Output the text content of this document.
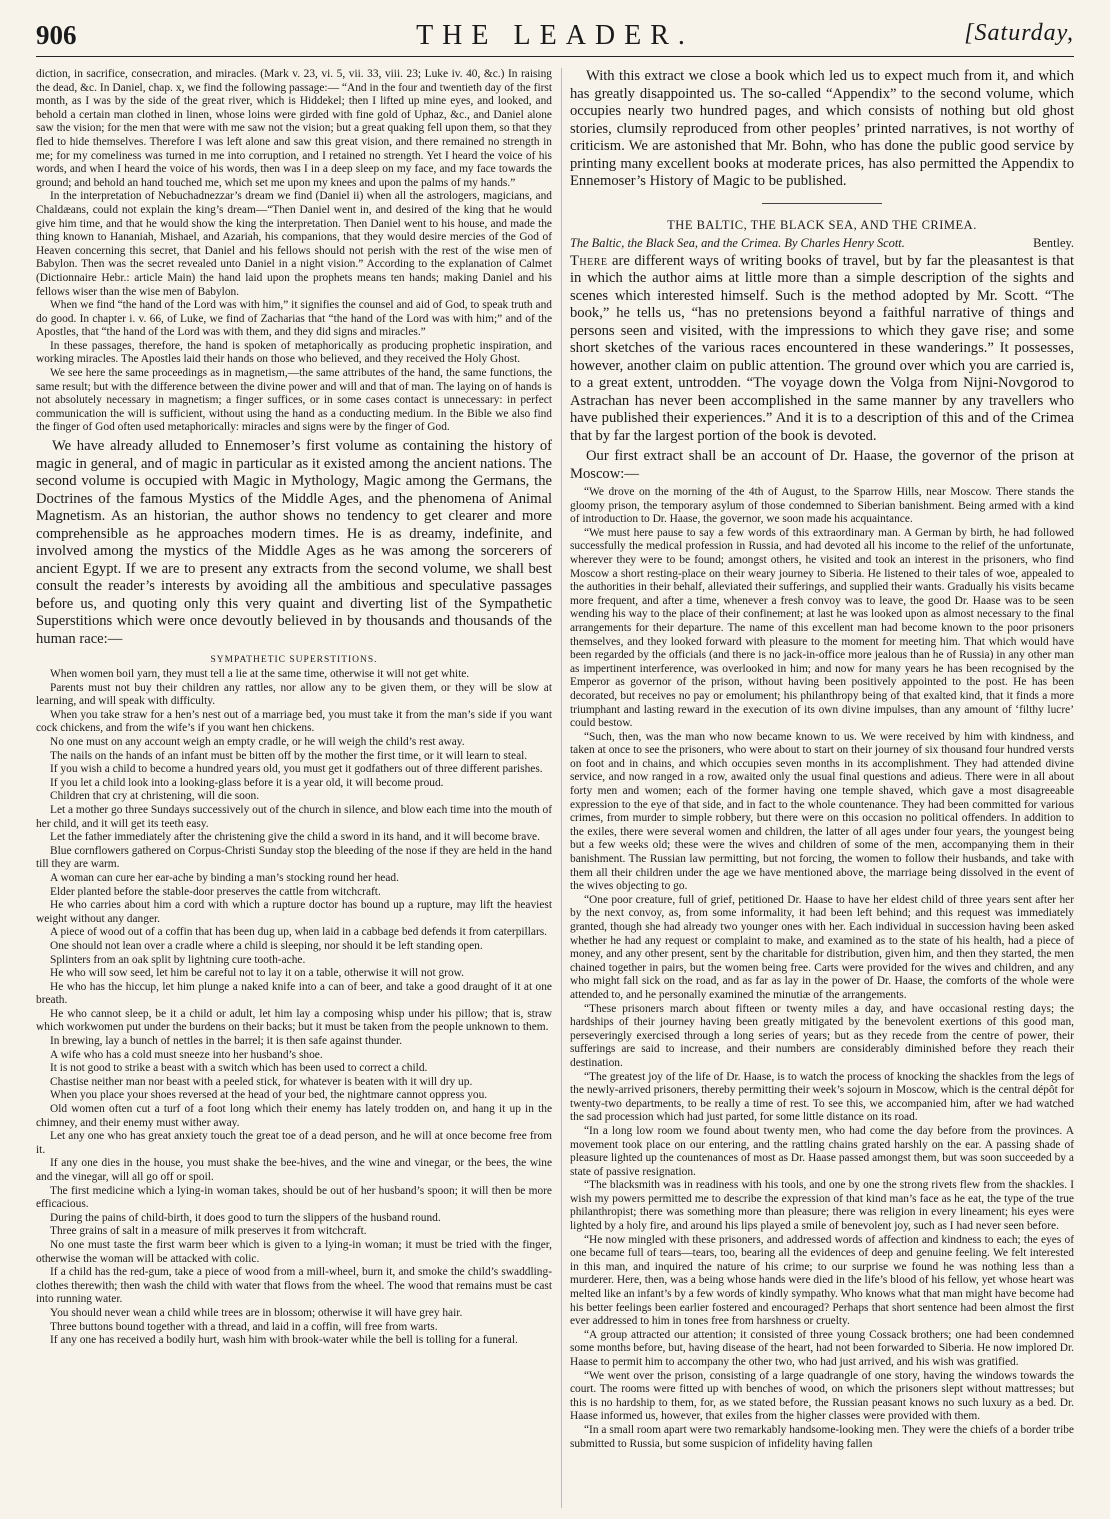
906	THE LEADER.	[Saturday,

diction, in sacrifice, consecration, and miracles. (Mark v. 23, vi. 5, vii. 33, viii. 23; Luke iv. 40, &c.) In raising the dead, &c. In Daniel, chap. x, we find the following passage:— “And in the four and twentieth day of the first month, as I was by the side of the great river, which is Hiddekel; then I lifted up mine eyes, and looked, and behold a certain man clothed in linen, whose loins were girded with fine gold of Uphaz, &c., and Daniel alone saw the vision; for the men that were with me saw not the vision; but a great quaking fell upon them, so that they fled to hide themselves. Therefore I was left alone and saw this great vision, and there remained no strength in me; for my comeliness was turned in me into corruption, and I retained no strength. Yet I heard the voice of his words, and when I heard the voice of his words, then was I in a deep sleep on my face, and my face towards the ground; and behold an hand touched me, which set me upon my knees and upon the palms of my hands.”

In the interpretation of Nebuchadnezzar’s dream we find (Daniel ii) when all the astrologers, magicians, and Chaldæans, could not explain the king’s dream—“Then Daniel went in, and desired of the king that he would give him time, and that he would show the king the interpretation. Then Daniel went to his house, and made the thing known to Hananiah, Mishael, and Azariah, his companions, that they would desire mercies of the God of Heaven concerning this secret, that Daniel and his fellows should not perish with the rest of the wise men of Babylon. Then was the secret revealed unto Daniel in a night vision.” According to the explanation of Calmet (Dictionnaire Hebr.: article Main) the hand laid upon the prophets means ten hands; making Daniel and his fellows wiser than the wise men of Babylon.

When we find “the hand of the Lord was with him,” it signifies the counsel and aid of God, to speak truth and do good. In chapter i. v. 66, of Luke, we find of Zacharias that “the hand of the Lord was with him;” and of the Apostles, that “the hand of the Lord was with them, and they did signs and miracles.”

In these passages, therefore, the hand is spoken of metaphorically as producing prophetic inspiration, and working miracles. The Apostles laid their hands on those who believed, and they received the Holy Ghost.

We see here the same proceedings as in magnetism,—the same attributes of the hand, the same functions, the same result; but with the difference between the divine power and will and that of man. The laying on of hands is not absolutely necessary in magnetism; a finger suffices, or in some cases contact is unnecessary: in perfect communication the will is sufficient, without using the hand as a conducting medium. In the Bible we also find the finger of God often used metaphorically: miracles and signs were by the finger of God.

We have already alluded to Ennemoser’s first volume as containing the history of magic in general, and of magic in particular as it existed among the ancient nations. The second volume is occupied with Magic in Mythology, Magic among the Germans, the Doctrines of the famous Mystics of the Middle Ages, and the phenomena of Animal Magnetism. As an historian, the author shows no tendency to get clearer and more comprehensible as he approaches modern times. He is as dreamy, indefinite, and involved among the mystics of the Middle Ages as he was among the sorcerers of ancient Egypt. If we are to present any extracts from the second volume, we shall best consult the reader’s interests by avoiding all the ambitious and speculative passages before us, and quoting only this very quaint and diverting list of the Sympathetic Superstitions which were once devoutly believed in by thousands and thousands of the human race:—

SYMPATHETIC SUPERSTITIONS.

When women boil yarn, they must tell a lie at the same time, otherwise it will not get white.

Parents must not buy their children any rattles, nor allow any to be given them, or they will be slow at learning, and will speak with difficulty.

When you take straw for a hen’s nest out of a marriage bed, you must take it from the man’s side if you want cock chickens, and from the wife’s if you want hen chickens.

No one must on any account weigh an empty cradle, or he will weigh the child’s rest away.

The nails on the hands of an infant must be bitten off by the mother the first time, or it will learn to steal.

If you wish a child to become a hundred years old, you must get it godfathers out of three different parishes.

If you let a child look into a looking-glass before it is a year old, it will become proud.

Children that cry at christening, will die soon.

Let a mother go three Sundays successively out of the church in silence, and blow each time into the mouth of her child, and it will get its teeth easy.

Let the father immediately after the christening give the child a sword in its hand, and it will become brave.

Blue cornflowers gathered on Corpus-Christi Sunday stop the bleeding of the nose if they are held in the hand till they are warm.

A woman can cure her ear-ache by binding a man’s stocking round her head.

Elder planted before the stable-door preserves the cattle from witchcraft.

He who carries about him a cord with which a rupture doctor has bound up a rupture, may lift the heaviest weight without any danger.

A piece of wood out of a coffin that has been dug up, when laid in a cabbage bed defends it from caterpillars.

One should not lean over a cradle where a child is sleeping, nor should it be left standing open.

Splinters from an oak split by lightning cure tooth-ache.

He who will sow seed, let him be careful not to lay it on a table, otherwise it will not grow.

He who has the hiccup, let him plunge a naked knife into a can of beer, and take a good draught of it at one breath.

He who cannot sleep, be it a child or adult, let him lay a composing whisp under his pillow; that is, straw which workwomen put under the burdens on their backs; but it must be taken from the people unknown to them.

In brewing, lay a bunch of nettles in the barrel; it is then safe against thunder.

A wife who has a cold must sneeze into her husband’s shoe.

It is not good to strike a beast with a switch which has been used to correct a child.

Chastise neither man nor beast with a peeled stick, for whatever is beaten with it will dry up.

When you place your shoes reversed at the head of your bed, the nightmare cannot oppress you.

Old women often cut a turf of a foot long which their enemy has lately trodden on, and hang it up in the chimney, and their enemy must wither away.

Let any one who has great anxiety touch the great toe of a dead person, and he will at once become free from it.

If any one dies in the house, you must shake the bee-hives, and the wine and vinegar, or the bees, the wine and the vinegar, will all go off or spoil.

The first medicine which a lying-in woman takes, should be out of her husband’s spoon; it will then be more efficacious.

During the pains of child-birth, it does good to turn the slippers of the husband round.

Three grains of salt in a measure of milk preserves it from witchcraft.

No one must taste the first warm beer which is given to a lying-in woman; it must be tried with the finger, otherwise the woman will be attacked with colic.

If a child has the red-gum, take a piece of wood from a mill-wheel, burn it, and smoke the child’s swaddling-clothes therewith; then wash the child with water that flows from the wheel. The wood that remains must be cast into running water.

You should never wean a child while trees are in blossom; otherwise it will have grey hair.

Three buttons bound together with a thread, and laid in a coffin, will free from warts.

If any one has received a bodily hurt, wash him with brook-water while the bell is tolling for a funeral.

With this extract we close a book which led us to expect much from it, and which has greatly disappointed us. The so-called “Appendix” to the second volume, which occupies nearly two hundred pages, and which consists of nothing but old ghost stories, clumsily reproduced from other peoples’ printed narratives, is not worthy of criticism. We are astonished that Mr. Bohn, who has done the public good service by printing many excellent books at moderate prices, has also permitted the Appendix to Ennemoser’s History of Magic to be published.

THE BALTIC, THE BLACK SEA, AND THE CRIMEA.
The Baltic, the Black Sea, and the Crimea. By Charles Henry Scott.	Bentley.

There are different ways of writing books of travel, but by far the pleasantest is that in which the author aims at little more than a simple description of the sights and scenes which interested himself. Such is the method adopted by Mr. Scott. “The book,” he tells us, “has no pretensions beyond a faithful narrative of things and persons seen and visited, with the impressions to which they gave rise; and some short sketches of the various races encountered in these wanderings.” It possesses, however, another claim on public attention. The ground over which you are carried is, to a great extent, untrodden. “The voyage down the Volga from Nijni-Novgorod to Astrachan has never been accomplished in the same manner by any travellers who have published their experiences.” And it is to a description of this and of the Crimea that by far the largest portion of the book is devoted.

Our first extract shall be an account of Dr. Haase, the governor of the prison at Moscow:—

“We drove on the morning of the 4th of August, to the Sparrow Hills, near Moscow. There stands the gloomy prison, the temporary asylum of those condemned to Siberian banishment. Being armed with a kind of introduction to Dr. Haase, the governor, we soon made his acquaintance.

“We must here pause to say a few words of this extraordinary man. A German by birth, he had followed successfully the medical profession in Russia, and had devoted all his income to the relief of the unfortunate, wherever they were to be found; amongst others, he visited and took an interest in the prisoners, who find Moscow a short resting-place on their weary journey to Siberia. He listened to their tales of woe, appealed to the authorities in their behalf, alleviated their sufferings, and supplied their wants. Gradually his visits became more frequent, and after a time, whenever a fresh convoy was to leave, the good Dr. Haase was to be seen wending his way to the place of their confinement; at last he was looked upon as almost necessary to the final arrangements for their departure. The name of this excellent man had become known to the poor prisoners themselves, and they looked forward with pleasure to the moment for meeting him. That which would have been regarded by the officials (and there is no jack-in-office more jealous than he of Russia) in any other man as impertinent interference, was overlooked in him; and now for many years he has been recognised by the Emperor as governor of the prison, without having been positively appointed to the post. He has been decorated, but receives no pay or emolument; his philanthropy being of that exalted kind, that it finds a more triumphant and lasting reward in the execution of its own divine impulses, than any amount of ‘filthy lucre’ could bestow.

“Such, then, was the man who now became known to us. We were received by him with kindness, and taken at once to see the prisoners, who were about to start on their journey of six thousand four hundred versts on foot and in chains, and which occupies seven months in its accomplishment. They had attended divine service, and now ranged in a row, awaited only the usual final questions and adieus. There were in all about forty men and women; each of the former having one temple shaved, which gave a most disagreeable expression to the eye of that side, and in fact to the whole countenance. They had been committed for various crimes, from murder to simple robbery, but there were on this occasion no political offenders. In addition to the exiles, there were several women and children, the latter of all ages under four years, the youngest being but a few weeks old; these were the wives and children of some of the men, accompanying them in their banishment. The Russian law permitting, but not forcing, the women to follow their husbands, and take with them all their children under the age we have mentioned above, the marriage being dissolved in the event of the wives objecting to go.

“One poor creature, full of grief, petitioned Dr. Haase to have her eldest child of three years sent after her by the next convoy, as, from some informality, it had been left behind; and this request was immediately granted, though she had already two younger ones with her. Each individual in succession having been asked whether he had any request or complaint to make, and examined as to the state of his health, had a piece of money, and any other present, sent by the charitable for distribution, given him, and then they started, the men chained together in pairs, but the women being free. Carts were provided for the wives and children, and any who might fall sick on the road, and as far as lay in the power of Dr. Haase, the comforts of the whole were attended to, and he personally examined the minutiæ of the arrangements.

“These prisoners march about fifteen or twenty miles a day, and have occasional resting days; the hardships of their journey having been greatly mitigated by the benevolent exertions of this good man, perseveringly exercised through a long series of years; but as they recede from the centre of power, their sufferings are said to increase, and their numbers are considerably diminished before they reach their destination.

“The greatest joy of the life of Dr. Haase, is to watch the process of knocking the shackles from the legs of the newly-arrived prisoners, thereby permitting their week’s sojourn in Moscow, which is the central dépôt for twenty-two departments, to be really a time of rest. To see this, we accompanied him, after we had watched the sad procession which had just parted, for some little distance on its road.

“In a long low room we found about twenty men, who had come the day before from the provinces. A movement took place on our entering, and the rattling chains grated harshly on the ear. A passing shade of pleasure lighted up the countenances of most as Dr. Haase passed amongst them, but was soon succeeded by a state of passive resignation.

“The blacksmith was in readiness with his tools, and one by one the strong rivets flew from the shackles. I wish my powers permitted me to describe the expression of that kind man’s face as he eat, the type of the true philanthropist; there was something more than pleasure; there was religion in every lineament; his eyes were lighted by a holy fire, and around his lips played a smile of benevolent joy, such as I had never seen before.

“He now mingled with these prisoners, and addressed words of affection and kindness to each; the eyes of one became full of tears—tears, too, bearing all the evidences of deep and genuine feeling. We felt interested in this man, and inquired the nature of his crime; to our surprise we found he was nothing less than a murderer. Here, then, was a being whose hands were died in the life’s blood of his fellow, yet whose heart was melted like an infant’s by a few words of kindly sympathy. Who knows what that man might have become had his better feelings been earlier fostered and encouraged? Perhaps that short sentence had been almost the first ever addressed to him in tones free from harshness or cruelty.

“A group attracted our attention; it consisted of three young Cossack brothers; one had been condemned some months before, but, having disease of the heart, had not been forwarded to Siberia. He now implored Dr. Haase to permit him to accompany the other two, who had just arrived, and his wish was gratified.

“We went over the prison, consisting of a large quadrangle of one story, having the windows towards the court. The rooms were fitted up with benches of wood, on which the prisoners slept without mattresses; but this is no hardship to them, for, as we stated before, the Russian peasant knows no such luxury as a bed. Dr. Haase informed us, however, that exiles from the higher classes were provided with them.

“In a small room apart were two remarkably handsome-looking men. They were the chiefs of a border tribe submitted to Russia, but some suspicion of infidelity having fallen
